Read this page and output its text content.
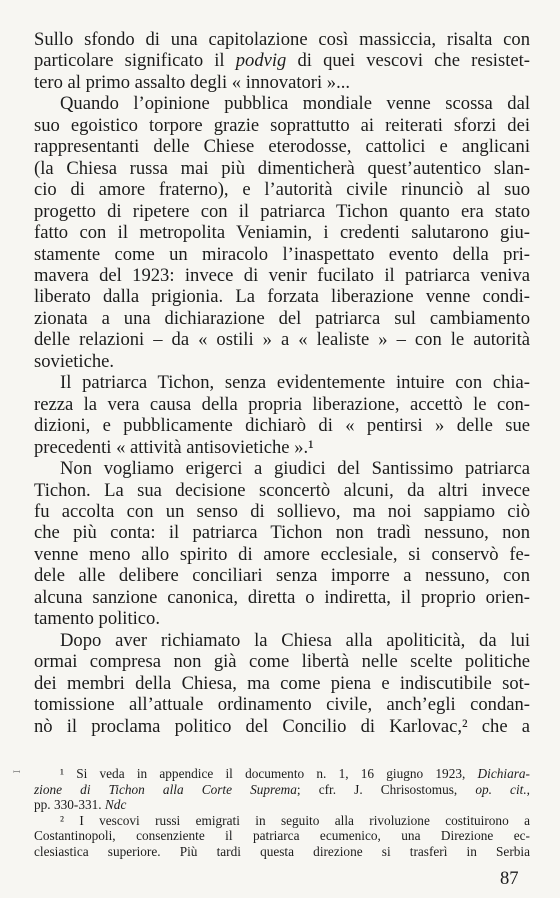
Sullo sfondo di una capitolazione così massiccia, risalta con
particolare significato il podvig di quei vescovi che resistet-
tero al primo assalto degli « innovatori »...
Quando l’opinione pubblica mondiale venne scossa dal
suo egoistico torpore grazie soprattutto ai reiterati sforzi dei
rappresentanti delle Chiese eterodosse, cattolici e anglicani
(la Chiesa russa mai più dimenticherà quest’autentico slan-
cio di amore fraterno), e l’autorità civile rinunciò al suo
progetto di ripetere con il patriarca Tichon quanto era stato
fatto con il metropolita Veniamin, i credenti salutarono giu-
stamente come un miracolo l’inaspettato evento della pri-
mavera del 1923: invece di venir fucilato il patriarca veniva
liberato dalla prigionia. La forzata liberazione venne condi-
zionata a una dichiarazione del patriarca sul cambiamento
delle relazioni – da « ostili » a « lealiste » – con le autorità
sovietiche.
Il patriarca Tichon, senza evidentemente intuire con chia-
rezza la vera causa della propria liberazione, accettò le con-
dizioni, e pubblicamente dichiarò di « pentirsi » delle sue
precedenti « attività antisovietiche ».¹
Non vogliamo erigerci a giudici del Santissimo patriarca
Tichon. La sua decisione sconcertò alcuni, da altri invece
fu accolta con un senso di sollievo, ma noi sappiamo ciò
che più conta: il patriarca Tichon non tradì nessuno, non
venne meno allo spirito di amore ecclesiale, si conservò fe-
dele alle delibere conciliari senza imporre a nessuno, con
alcuna sanzione canonica, diretta o indiretta, il proprio orien-
tamento politico.
Dopo aver richiamato la Chiesa alla apoliticità, da lui
ormai compresa non già come libertà nelle scelte politiche
dei membri della Chiesa, ma come piena e indiscutibile sot-
tomissione all’attuale ordinamento civile, anch’egli condan-
nò il proclama politico del Concilio di Karlovac,² che a
ꟷ	¹ Si veda in appendice il documento n. 1, 16 giugno 1923, Dichiara-
zione di Tichon alla Corte Suprema; cfr. J. Chrisostomus, op. cit.,
pp. 330-331. Ndc
² I vescovi russi emigrati in seguito alla rivoluzione costituirono a
Costantinopoli, consenziente il patriarca ecumenico, una Direzione ec-
clesiastica superiore. Più tardi questa direzione si trasferì in Serbia
87
